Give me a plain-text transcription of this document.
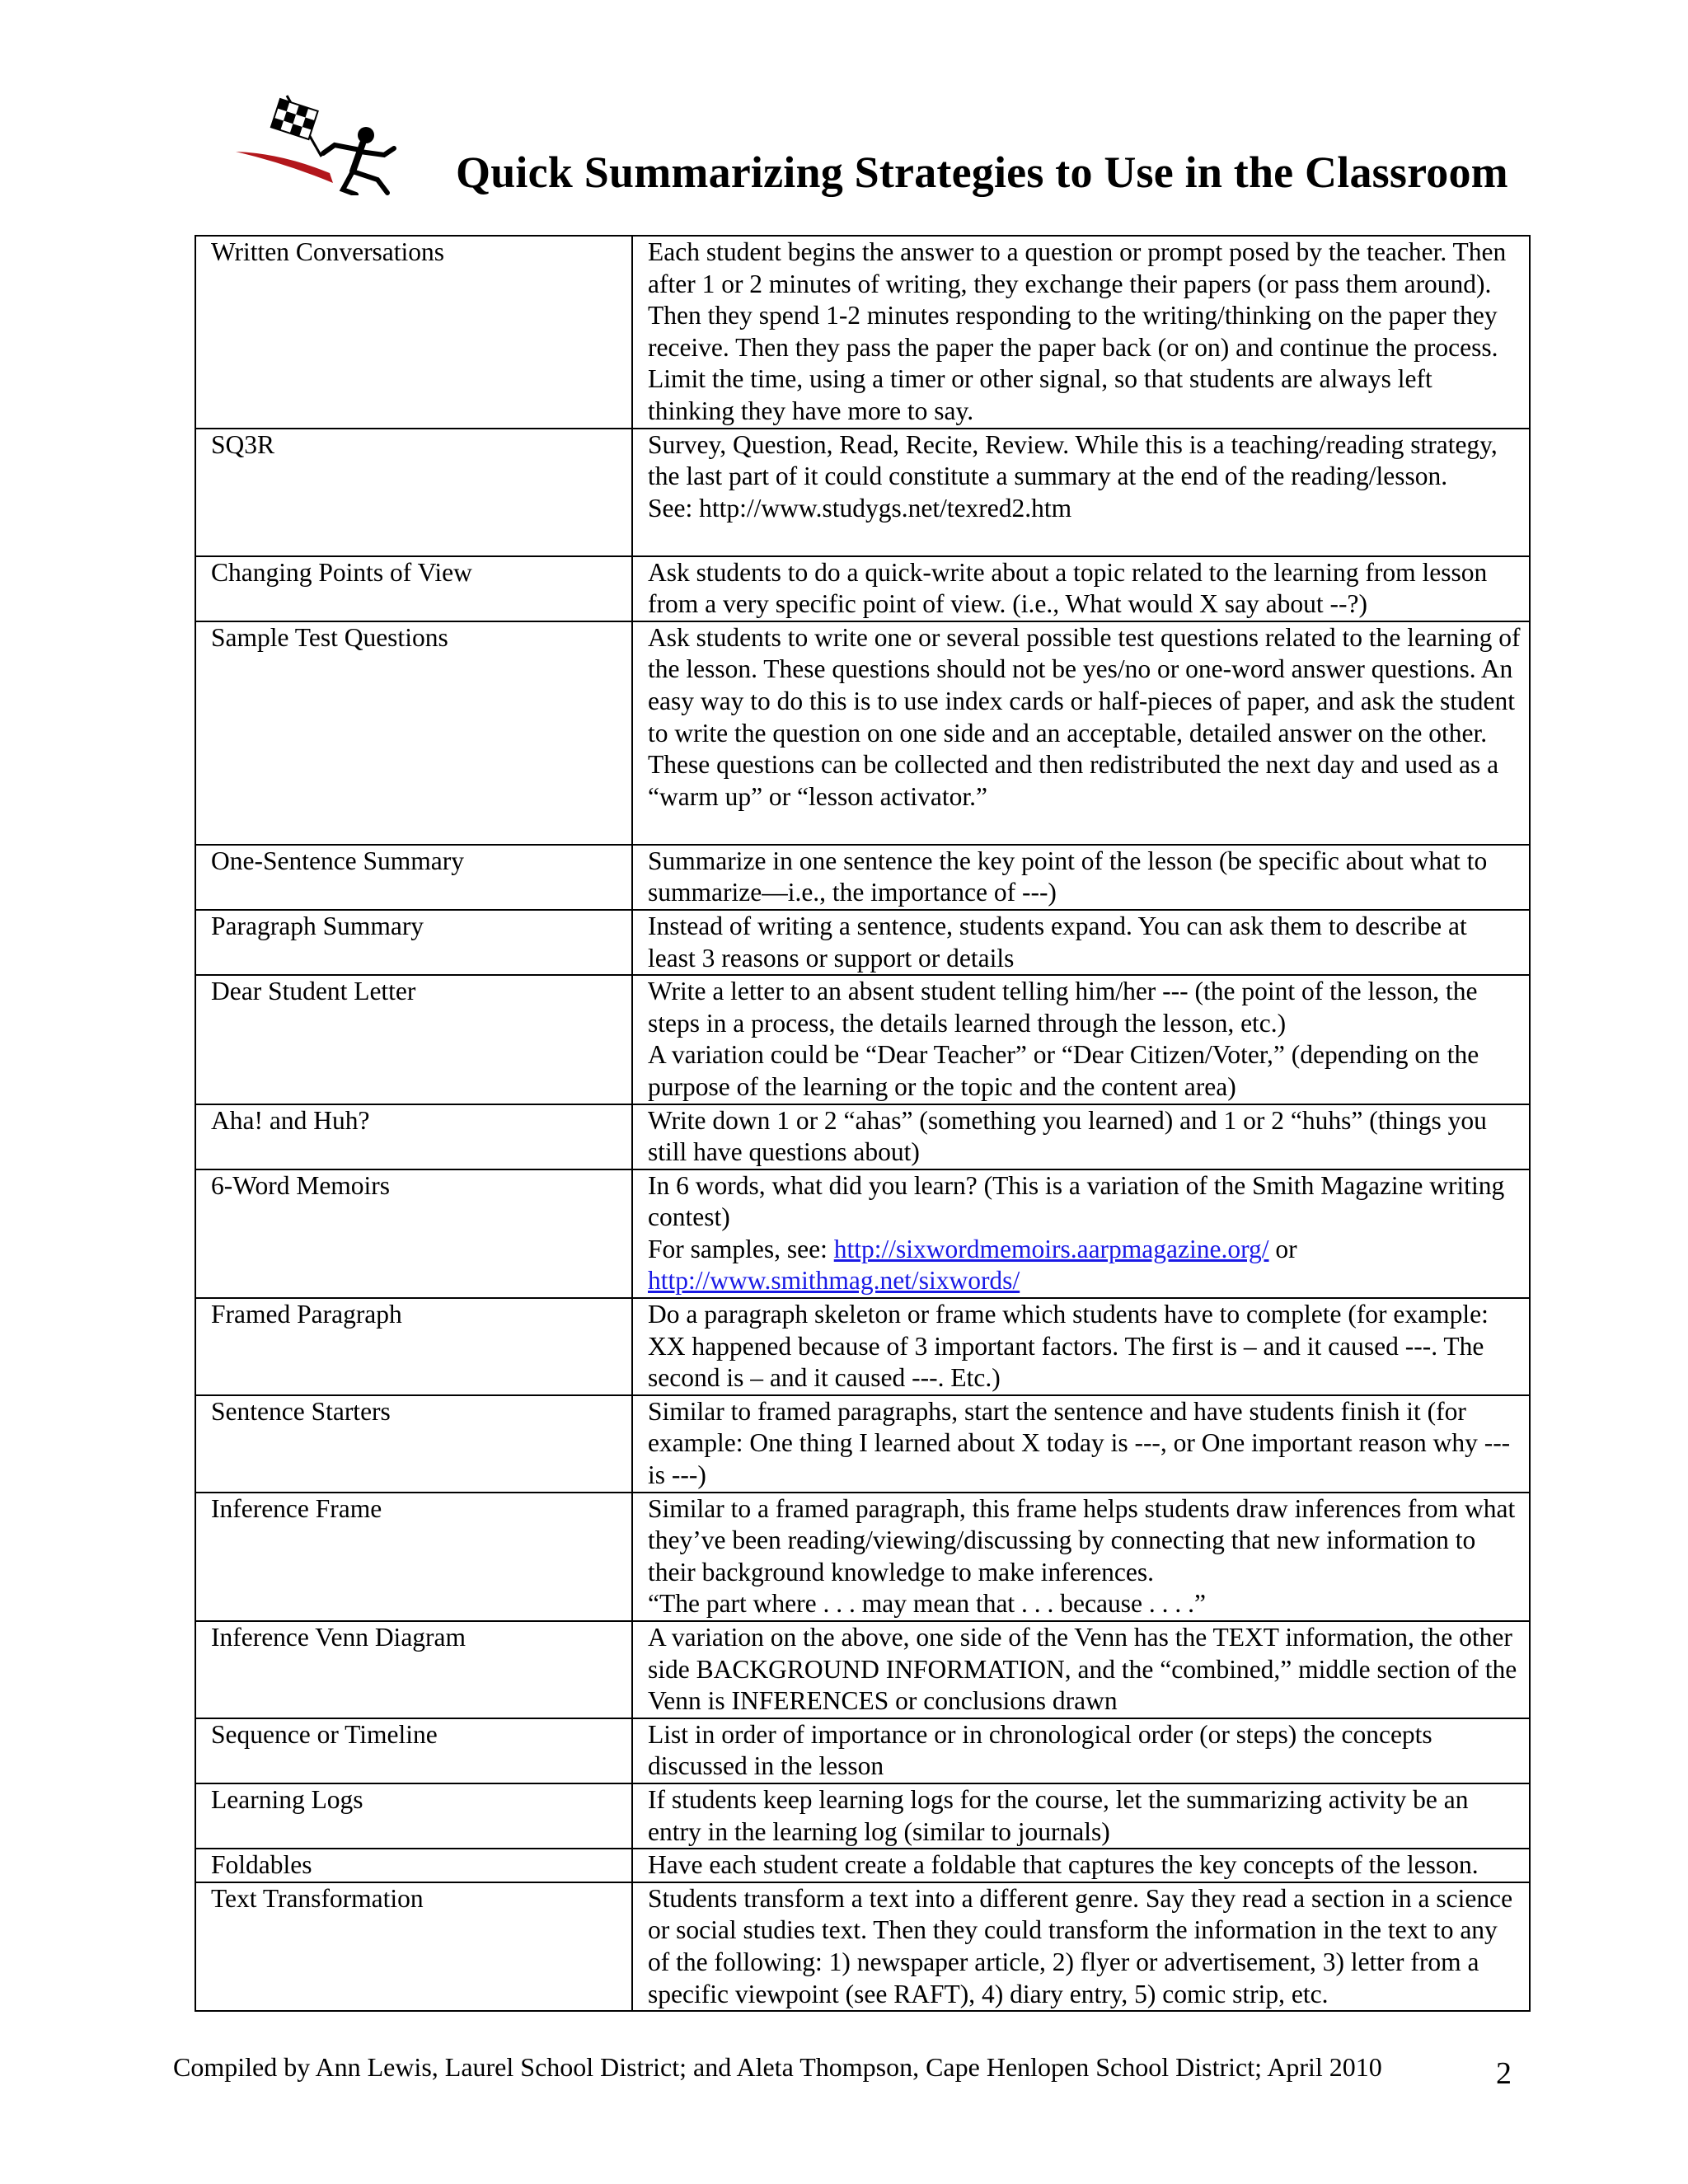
Quick Summarizing Strategies to Use in the Classroom
Written Conversations	Each student begins the answer to a question or prompt posed by the teacher. Then after 1 or 2 minutes of writing, they exchange their papers (or pass them around). Then they spend 1-2 minutes responding to the writing/thinking on the paper they receive. Then they pass the paper the paper back (or on) and continue the process. Limit the time, using a timer or other signal, so that students are always left thinking they have more to say.

SQ3R	Survey, Question, Read, Recite, Review. While this is a teaching/reading strategy, the last part of it could constitute a summary at the end of the reading/lesson.

See: http://www.studygs.net/texred2.htm

Changing Points of View	Ask students to do a quick-write about a topic related to the learning from lesson from a very specific point of view. (i.e., What would X say about --?)

Sample Test Questions	Ask students to write one or several possible test questions related to the learning of the lesson. These questions should not be yes/no or one-word answer questions. An easy way to do this is to use index cards or half-pieces of paper, and ask the student to write the question on one side and an acceptable, detailed answer on the other.

These questions can be collected and then redistributed the next day and used as a “warm up” or “lesson activator.”

One-Sentence Summary	Summarize in one sentence the key point of the lesson (be specific about what to summarize—i.e., the importance of ---)

Paragraph Summary	Instead of writing a sentence, students expand. You can ask them to describe at least 3 reasons or support or details

Dear Student Letter	Write a letter to an absent student telling him/her --- (the point of the lesson, the steps in a process, the details learned through the lesson, etc.)

A variation could be “Dear Teacher” or “Dear Citizen/Voter,” (depending on the purpose of the learning or the topic and the content area)

Aha! and Huh?	Write down 1 or 2 “ahas” (something you learned) and 1 or 2 “huhs” (things you still have questions about)

6-Word Memoirs	In 6 words, what did you learn? (This is a variation of the Smith Magazine writing contest)

For samples, see: http://sixwordmemoirs.aarpmagazine.org/ or http://www.smithmag.net/sixwords/

Framed Paragraph	Do a paragraph skeleton or frame which students have to complete (for example: XX happened because of 3 important factors. The first is – and it caused ---. The second is – and it caused ---. Etc.)

Sentence Starters	Similar to framed paragraphs, start the sentence and have students finish it (for example: One thing I learned about X today is ---, or One important reason why --- is ---)

Inference Frame	Similar to a framed paragraph, this frame helps students draw inferences from what they’ve been reading/viewing/discussing by connecting that new information to their background knowledge to make inferences.

“The part where . . . may mean that . . . because . . . .”

Inference Venn Diagram	A variation on the above, one side of the Venn has the TEXT information, the other side BACKGROUND INFORMATION, and the “combined,” middle section of the Venn is INFERENCES or conclusions drawn

Sequence or Timeline	List in order of importance or in chronological order (or steps) the concepts discussed in the lesson

Learning Logs	If students keep learning logs for the course, let the summarizing activity be an entry in the learning log (similar to journals)

Foldables	Have each student create a foldable that captures the key concepts of the lesson.

Text Transformation	Students transform a text into a different genre. Say they read a section in a science or social studies text. Then they could transform the information in the text to any of the following: 1) newspaper article, 2) flyer or advertisement, 3) letter from a specific viewpoint (see RAFT), 4) diary entry, 5) comic strip, etc.

Compiled by Ann Lewis, Laurel School District; and Aleta Thompson, Cape Henlopen School District; April 2010	2
